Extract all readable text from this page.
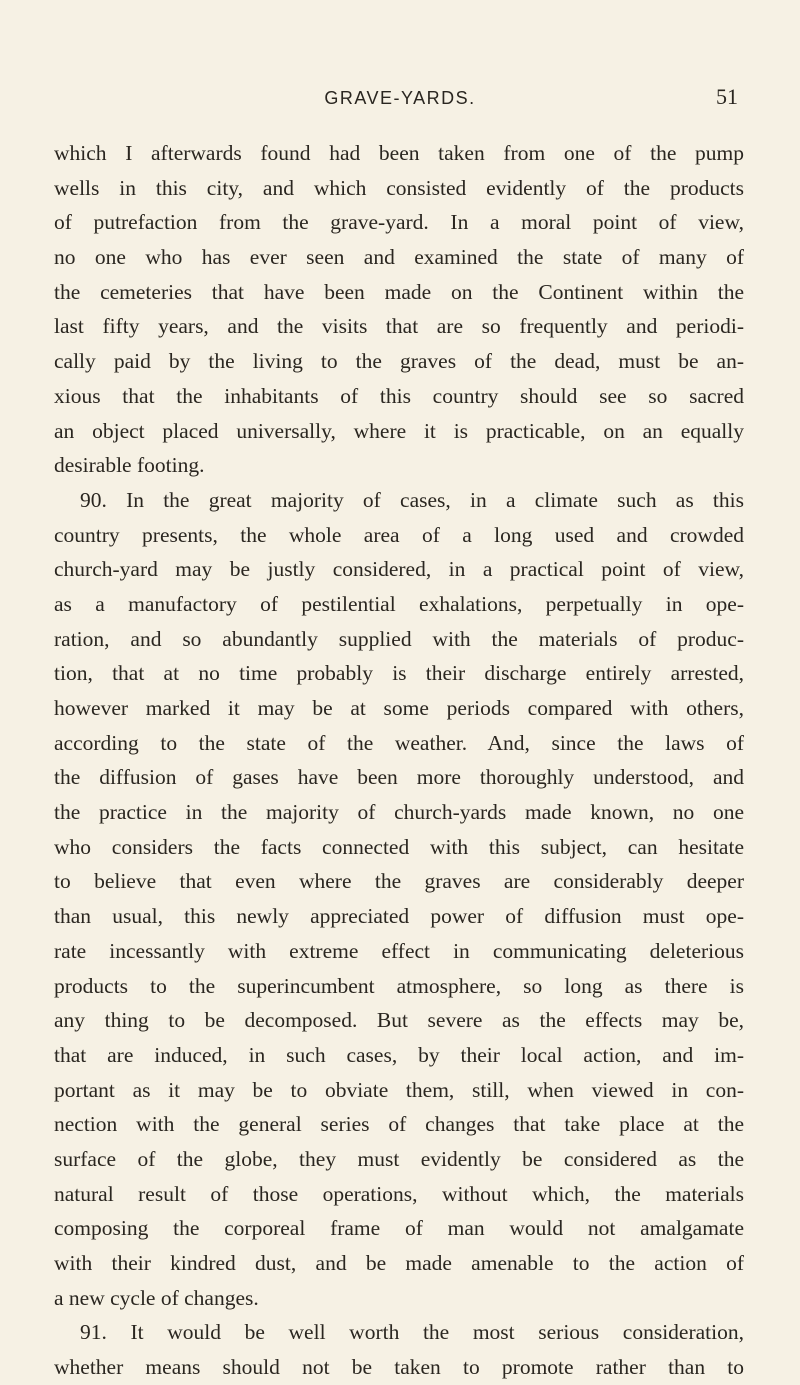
GRAVE-YARDS.	51
which I afterwards found had been taken from one of the pump
wells in this city, and which consisted evidently of the products
of putrefaction from the grave-yard. In a moral point of view,
no one who has ever seen and examined the state of many of
the cemeteries that have been made on the Continent within the
last fifty years, and the visits that are so frequently and periodi-
cally paid by the living to the graves of the dead, must be an-
xious that the inhabitants of this country should see so sacred
an object placed universally, where it is practicable, on an equally
desirable footing.
90. In the great majority of cases, in a climate such as this
country presents, the whole area of a long used and crowded
church-yard may be justly considered, in a practical point of view,
as a manufactory of pestilential exhalations, perpetually in ope-
ration, and so abundantly supplied with the materials of produc-
tion, that at no time probably is their discharge entirely arrested,
however marked it may be at some periods compared with others,
according to the state of the weather. And, since the laws of
the diffusion of gases have been more thoroughly understood, and
the practice in the majority of church-yards made known, no one
who considers the facts connected with this subject, can hesitate
to believe that even where the graves are considerably deeper
than usual, this newly appreciated power of diffusion must ope-
rate incessantly with extreme effect in communicating deleterious
products to the superincumbent atmosphere, so long as there is
any thing to be decomposed. But severe as the effects may be,
that are induced, in such cases, by their local action, and im-
portant as it may be to obviate them, still, when viewed in con-
nection with the general series of changes that take place at the
surface of the globe, they must evidently be considered as the
natural result of those operations, without which, the materials
composing the corporeal frame of man would not amalgamate
with their kindred dust, and be made amenable to the action of
a new cycle of changes.
91. It would be well worth the most serious consideration,
whether means should not be taken to promote rather than to
